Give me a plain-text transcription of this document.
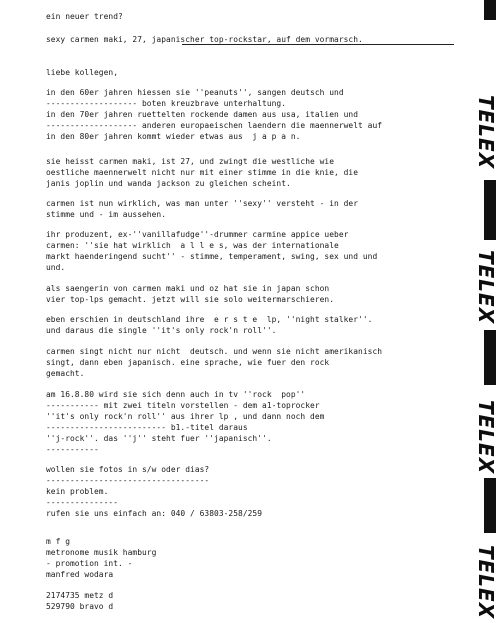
ein neuer trend?
sexy carmen maki, 27, japanischer top-rockstar, auf dem vormarsch.
liebe kollegen,
in den 60er jahren hiessen sie ''peanuts'', sangen deutsch und
------------------- boten kreuzbrave unterhaltung.
in den 70er jahren ruettelten rockende damen aus usa, italien und
------------------- anderen europaeischen laendern die maennerwelt auf
in den 80er jahren kommt wieder etwas aus  j a p a n.
sie heisst carmen maki, ist 27, und zwingt die westliche wie
oestliche maennerwelt nicht nur mit einer stimme in die knie, die
janis joplin und wanda jackson zu gleichen scheint.
carmen ist nun wirklich, was man unter ''sexy'' versteht - in der
stimme und - im aussehen.
ihr produzent, ex-''vanillafudge''-drummer carmine appice ueber
carmen: ''sie hat wirklich  a l l e s, was der internationale
markt haenderingend sucht'' - stimme, temperament, swing, sex und und
und.
als saengerin von carmen maki und oz hat sie in japan schon
vier top-lps gemacht. jetzt will sie solo weitermarschieren.
eben erschien in deutschland ihre  e r s t e  lp, ''night stalker''.
und daraus die single ''it's only rock'n roll''.
carmen singt nicht nur nicht  deutsch. und wenn sie nicht amerikanisch
singt, dann eben japanisch. eine sprache, wie fuer den rock
gemacht.
am 16.8.80 wird sie sich denn auch in tv ''rock  pop''
----------- mit zwei titeln vorstellen - dem a1-toprocker
''it's only rock'n roll'' aus ihrer lp , und dann noch dem
------------------------- b1.-titel daraus
''j-rock''. das ''j'' steht fuer ''japanisch''.
-----------
wollen sie fotos in s/w oder dias?
----------------------------------
kein problem.
---------------
rufen sie uns einfach an: 040 / 63803-258/259
m f g
metronome musik hamburg
- promotion int. -
manfred wodara
2174735 metz d
529790 bravo d
TELEX
TELEX
TELEX
TELEX
